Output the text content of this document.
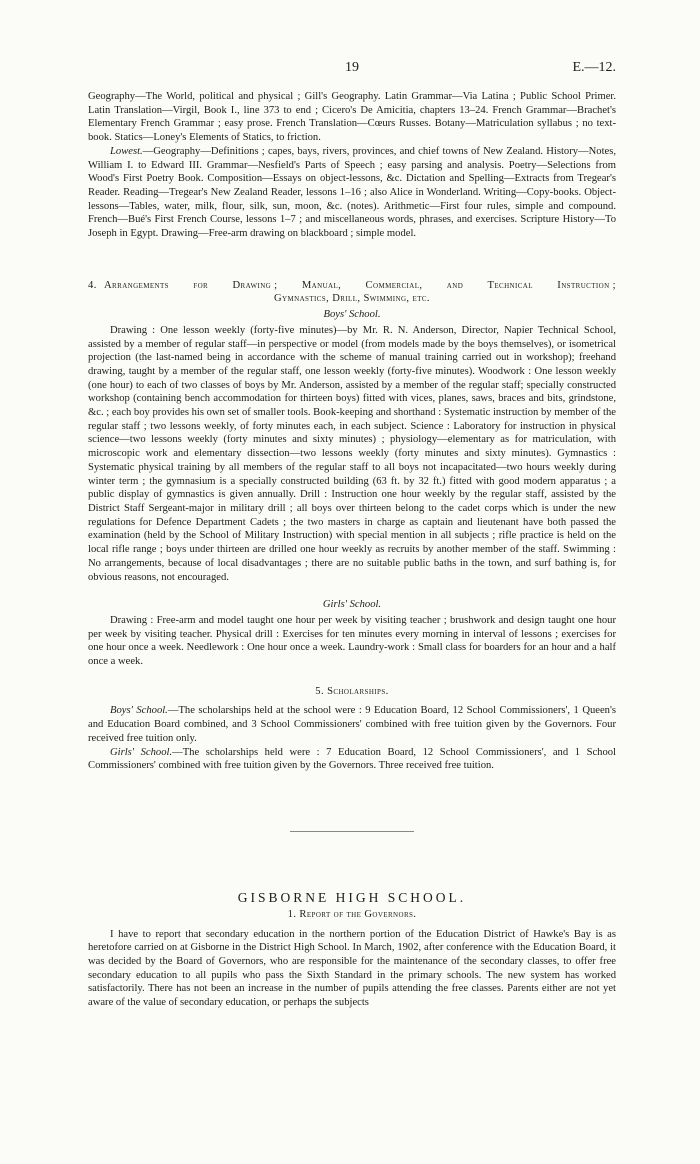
19	E.—12.

Geography—The World, political and physical ; Gill's Geography. Latin Grammar—Via Latina ; Public School Primer. Latin Translation—Virgil, Book I., line 373 to end ; Cicero's De Amicitia, chapters 13–24. French Grammar—Brachet's Elementary French Grammar ; easy prose. French Translation—Cœurs Russes. Botany—Matriculation syllabus ; no text-book. Statics—Loney's Elements of Statics, to friction.

Lowest.—Geography—Definitions ; capes, bays, rivers, provinces, and chief towns of New Zealand. History—Notes, William I. to Edward III. Grammar—Nesfield's Parts of Speech ; easy parsing and analysis. Poetry—Selections from Wood's First Poetry Book. Composition—Essays on object-lessons, &c. Dictation and Spelling—Extracts from Tregear's Reader. Reading—Tregear's New Zealand Reader, lessons 1–16 ; also Alice in Wonderland. Writing—Copy-books. Object-lessons—Tables, water, milk, flour, silk, sun, moon, &c. (notes). Arithmetic—First four rules, simple and compound. French—Bué's First French Course, lessons 1–7 ; and miscellaneous words, phrases, and exercises. Scripture History—To Joseph in Egypt. Drawing—Free-arm drawing on blackboard ; simple model.

4. Arrangements for Drawing ; Manual, Commercial, and Technical Instruction ;
Gymnastics, Drill, Swimming, etc.
Boys' School.

Drawing : One lesson weekly (forty-five minutes)—by Mr. R. N. Anderson, Director, Napier Technical School, assisted by a member of regular staff—in perspective or model (from models made by the boys themselves), or isometrical projection (the last-named being in accordance with the scheme of manual training carried out in workshop); freehand drawing, taught by a member of the regular staff, one lesson weekly (forty-five minutes). Woodwork : One lesson weekly (one hour) to each of two classes of boys by Mr. Anderson, assisted by a member of the regular staff; specially constructed workshop (containing bench accommodation for thirteen boys) fitted with vices, planes, saws, braces and bits, grindstone, &c. ; each boy provides his own set of smaller tools. Book-keeping and shorthand : Systematic instruction by member of the regular staff ; two lessons weekly, of forty minutes each, in each subject. Science : Laboratory for instruction in physical science—two lessons weekly (forty minutes and sixty minutes) ; physiology—elementary as for matriculation, with microscopic work and elementary dissection—two lessons weekly (forty minutes and sixty minutes). Gymnastics : Systematic physical training by all members of the regular staff to all boys not incapacitated—two hours weekly during winter term ; the gymnasium is a specially constructed building (63 ft. by 32 ft.) fitted with good modern apparatus ; a public display of gymnastics is given annually. Drill : Instruction one hour weekly by the regular staff, assisted by the District Staff Sergeant-major in military drill ; all boys over thirteen belong to the cadet corps which is under the new regulations for Defence Department Cadets ; the two masters in charge as captain and lieutenant have both passed the examination (held by the School of Military Instruction) with special mention in all subjects ; rifle practice is held on the local rifle range ; boys under thirteen are drilled one hour weekly as recruits by another member of the staff. Swimming : No arrangements, because of local disadvantages ; there are no suitable public baths in the town, and surf bathing is, for obvious reasons, not encouraged.

Girls' School.

Drawing : Free-arm and model taught one hour per week by visiting teacher ; brushwork and design taught one hour per week by visiting teacher. Physical drill : Exercises for ten minutes every morning in interval of lessons ; exercises for one hour once a week. Needlework : One hour once a week. Laundry-work : Small class for boarders for an hour and a half once a week.

5. Scholarships.

Boys' School.—The scholarships held at the school were : 9 Education Board, 12 School Commissioners', 1 Queen's and Education Board combined, and 3 School Commissioners' combined with free tuition given by the Governors. Four received free tuition only.

Girls' School.—The scholarships held were : 7 Education Board, 12 School Commissioners', and 1 School Commissioners' combined with free tuition given by the Governors. Three received free tuition.

GISBORNE HIGH SCHOOL.
1. Report of the Governors.

I have to report that secondary education in the northern portion of the Education District of Hawke's Bay is as heretofore carried on at Gisborne in the District High School. In March, 1902, after conference with the Education Board, it was decided by the Board of Governors, who are responsible for the maintenance of the secondary classes, to offer free secondary education to all pupils who pass the Sixth Standard in the primary schools. The new system has worked satisfactorily. There has not been an increase in the number of pupils attending the free classes. Parents either are not yet aware of the value of secondary education, or perhaps the subjects
